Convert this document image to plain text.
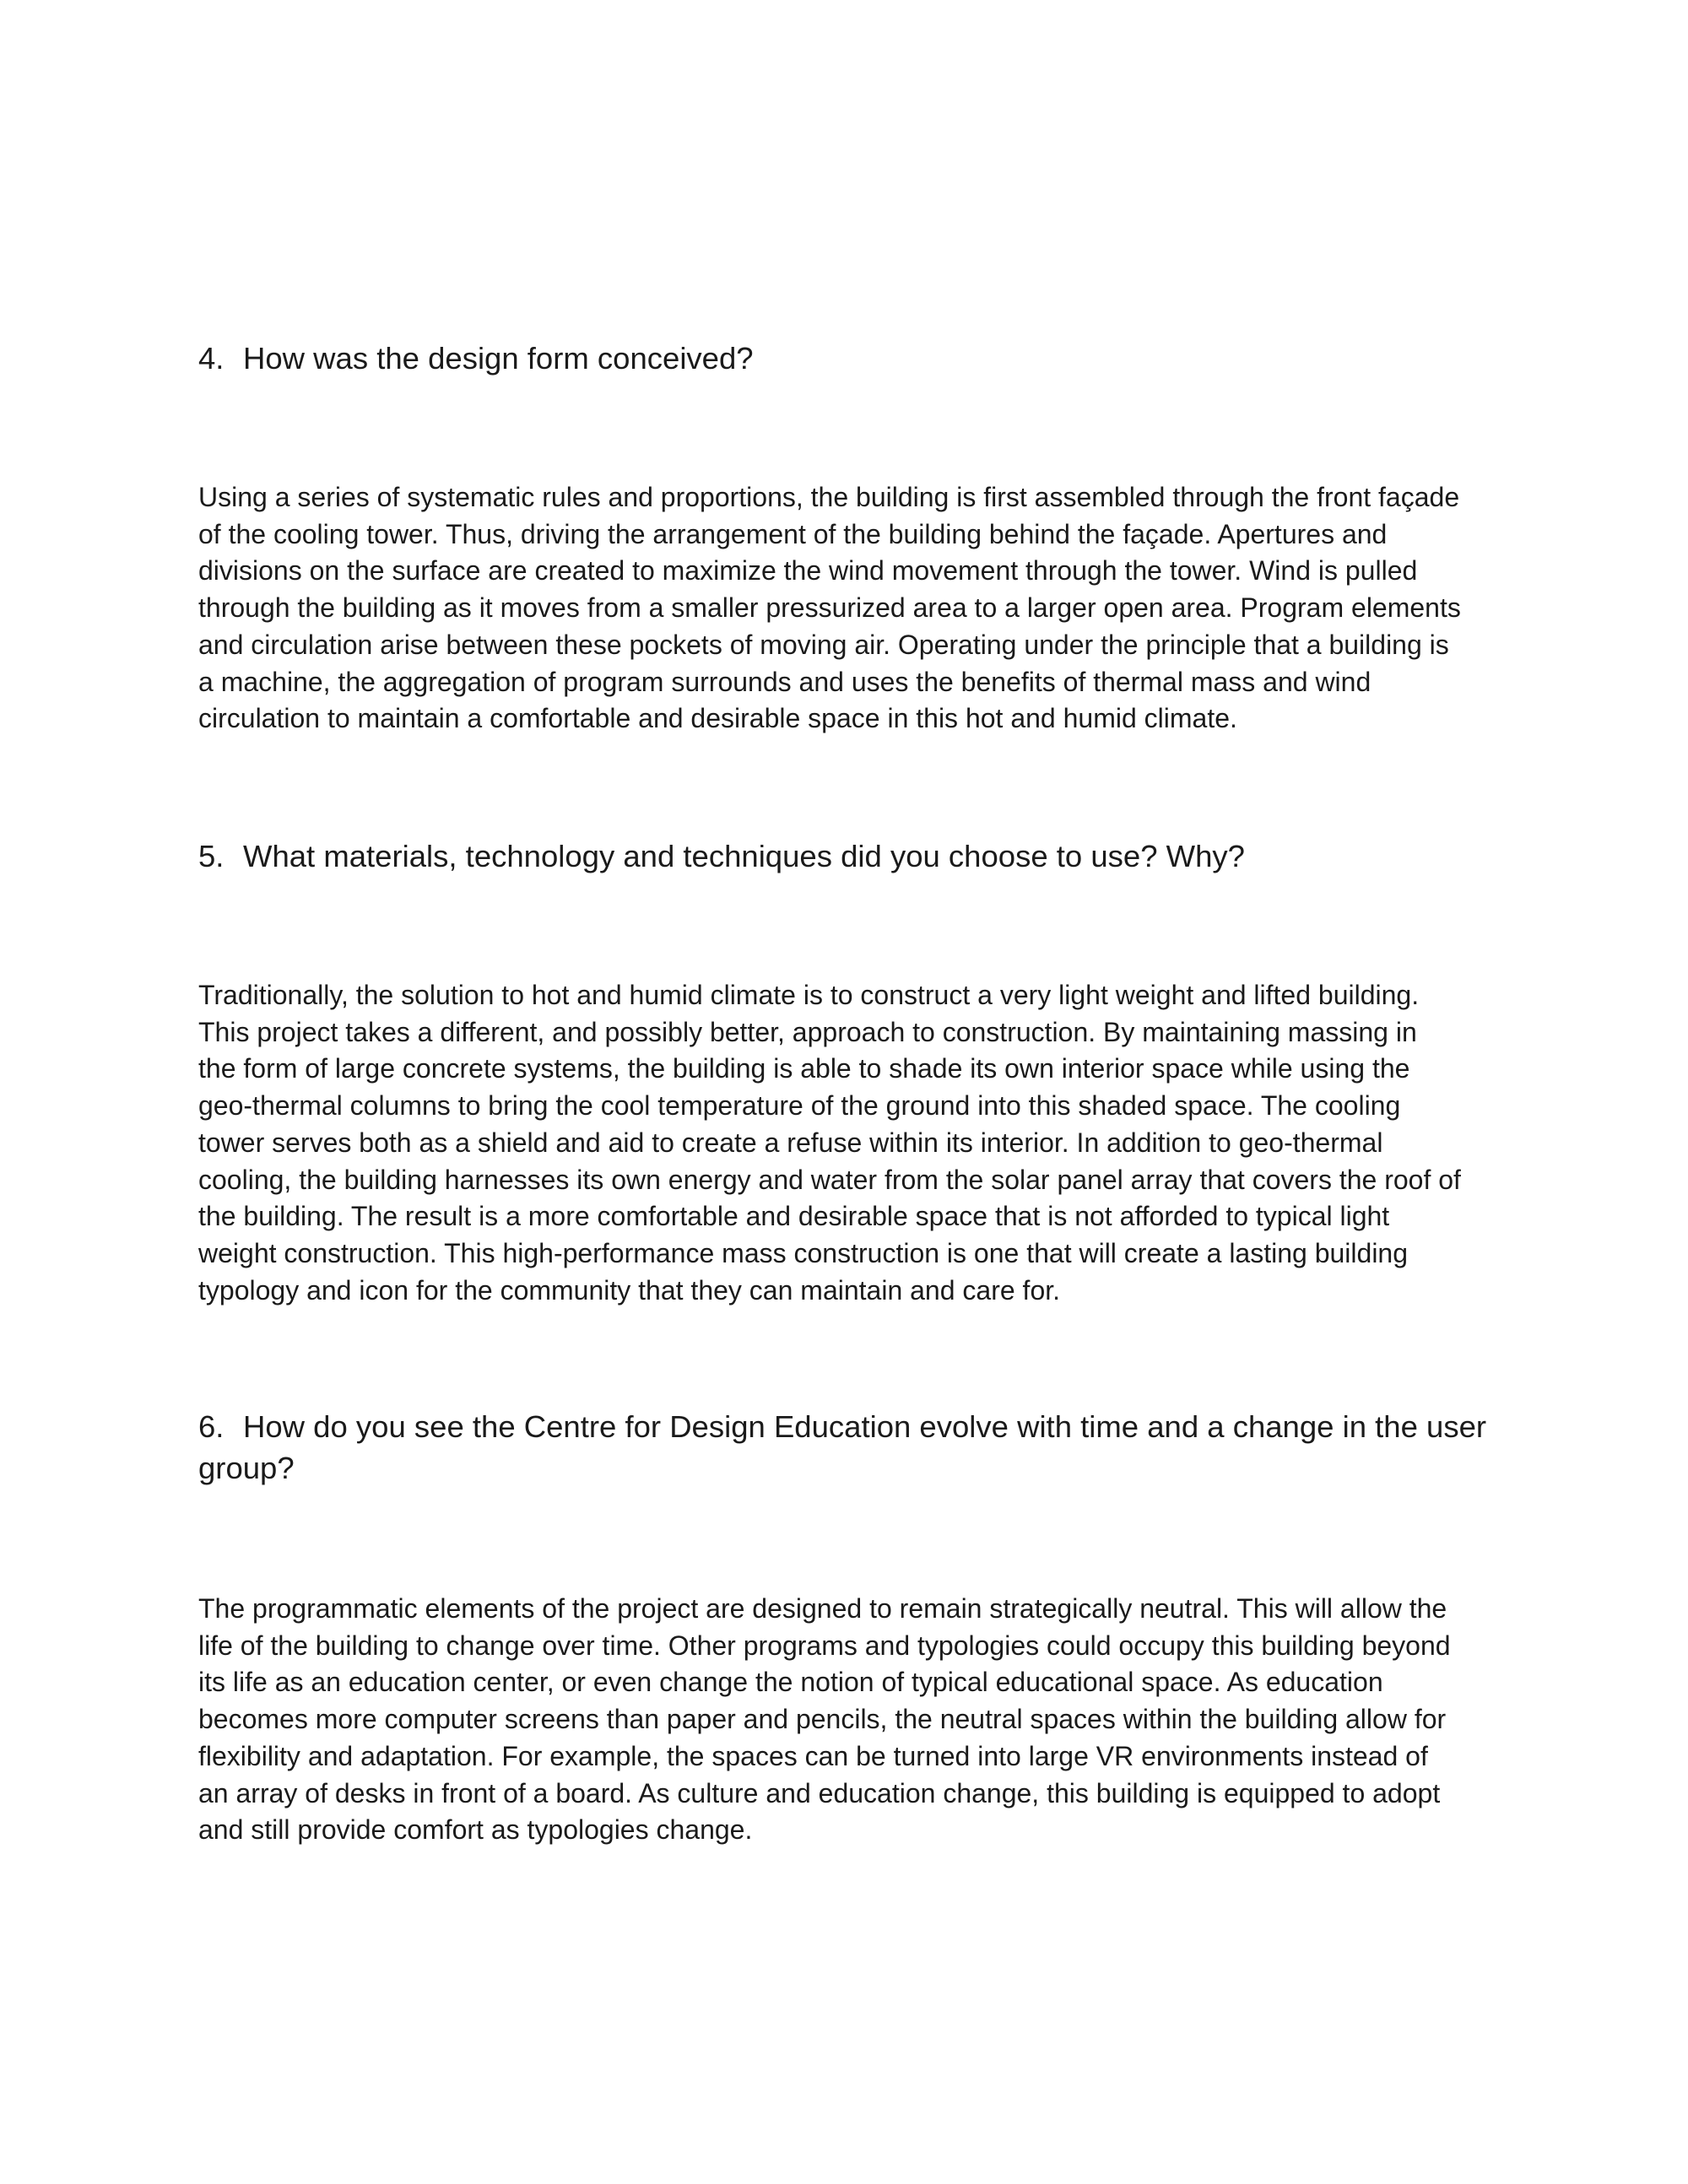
4. How was the design form conceived?

Using a series of systematic rules and proportions, the building is first assembled through the front façade
of the cooling tower. Thus, driving the arrangement of the building behind the façade. Apertures and
divisions on the surface are created to maximize the wind movement through the tower. Wind is pulled
through the building as it moves from a smaller pressurized area to a larger open area. Program elements
and circulation arise between these pockets of moving air. Operating under the principle that a building is
a machine, the aggregation of program surrounds and uses the benefits of thermal mass and wind
circulation to maintain a comfortable and desirable space in this hot and humid climate.

5. What materials, technology and techniques did you choose to use? Why?

Traditionally, the solution to hot and humid climate is to construct a very light weight and lifted building.
This project takes a different, and possibly better, approach to construction. By maintaining massing in
the form of large concrete systems, the building is able to shade its own interior space while using the
geo-thermal columns to bring the cool temperature of the ground into this shaded space. The cooling
tower serves both as a shield and aid to create a refuse within its interior. In addition to geo-thermal
cooling, the building harnesses its own energy and water from the solar panel array that covers the roof of
the building. The result is a more comfortable and desirable space that is not afforded to typical light
weight construction. This high-performance mass construction is one that will create a lasting building
typology and icon for the community that they can maintain and care for.

6. How do you see the Centre for Design Education evolve with time and a change in the user group?

The programmatic elements of the project are designed to remain strategically neutral. This will allow the
life of the building to change over time. Other programs and typologies could occupy this building beyond
its life as an education center, or even change the notion of typical educational space. As education
becomes more computer screens than paper and pencils, the neutral spaces within the building allow for
flexibility and adaptation. For example, the spaces can be turned into large VR environments instead of
an array of desks in front of a board. As culture and education change, this building is equipped to adopt
and still provide comfort as typologies change.
